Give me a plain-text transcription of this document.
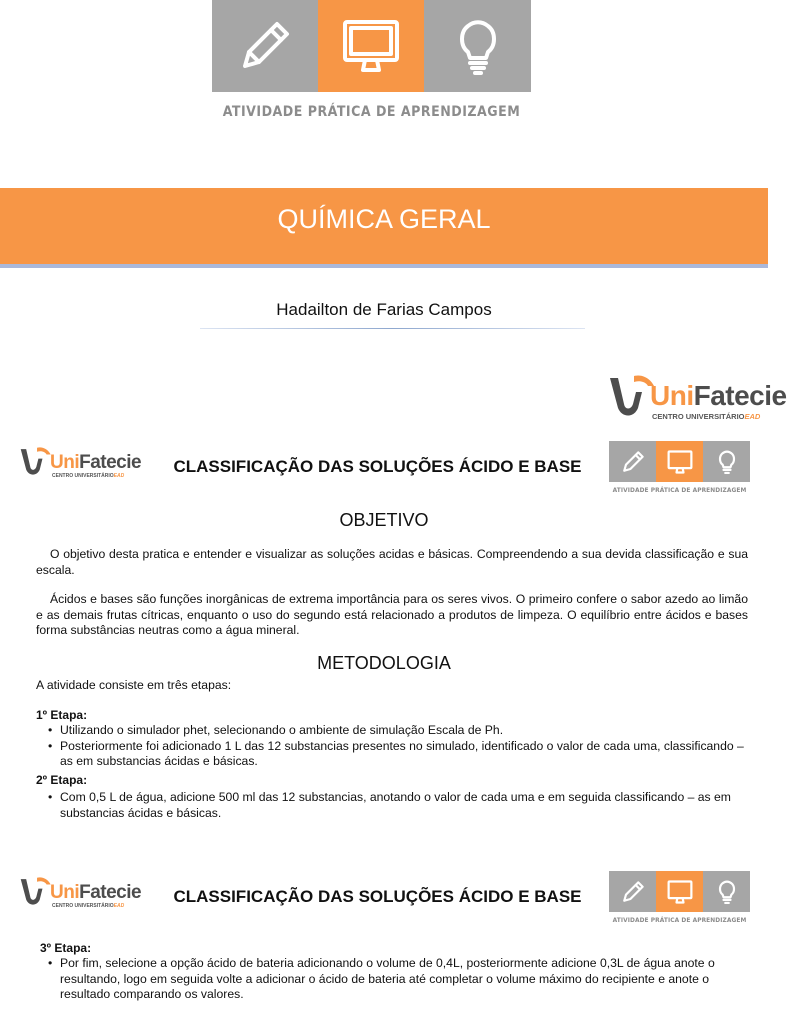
ATIVIDADE PRÁTICA DE APRENDIZAGEM
QUÍMICA GERAL
Hadailton de Farias Campos
UniFatecie
CENTRO UNIVERSITÁRIOEAD
UniFatecie
CENTRO UNIVERSITÁRIOEAD	CLASSIFICAÇÃO DAS SOLUÇÕES ÁCIDO E BASE
ATIVIDADE PRÁTICA DE APRENDIZAGEM
OBJETIVO
O objetivo desta pratica e entender e visualizar as soluções acidas e básicas. Compreendendo a sua devida classificação e sua escala.
Ácidos e bases são funções inorgânicas de extrema importância para os seres vivos. O primeiro confere o sabor azedo ao limão e as demais frutas cítricas, enquanto o uso do segundo está relacionado a produtos de limpeza. O equilíbrio entre ácidos e bases forma substâncias neutras como a água mineral.
METODOLOGIA
A atividade consiste em três etapas:
1º Etapa:
• Utilizando o simulador phet, selecionando o ambiente de simulação Escala de Ph.
• Posteriormente foi adicionado 1 L das 12 substancias presentes no simulado, identificado o valor de cada uma, classificando – as em substancias ácidas e básicas.
2º Etapa:
• Com 0,5 L de água, adicione 500 ml das 12 substancias, anotando o valor de cada uma e em seguida classificando – as em substancias ácidas e básicas.
UniFatecie
CENTRO UNIVERSITÁRIOEAD	CLASSIFICAÇÃO DAS SOLUÇÕES ÁCIDO E BASE
ATIVIDADE PRÁTICA DE APRENDIZAGEM
3º Etapa:
• Por fim, selecione a opção ácido de bateria adicionando o volume de 0,4L, posteriormente adicione 0,3L de água anote o resultando, logo em seguida volte a adicionar o ácido de bateria até completar o volume máximo do recipiente e anote o resultado comparando os valores.
